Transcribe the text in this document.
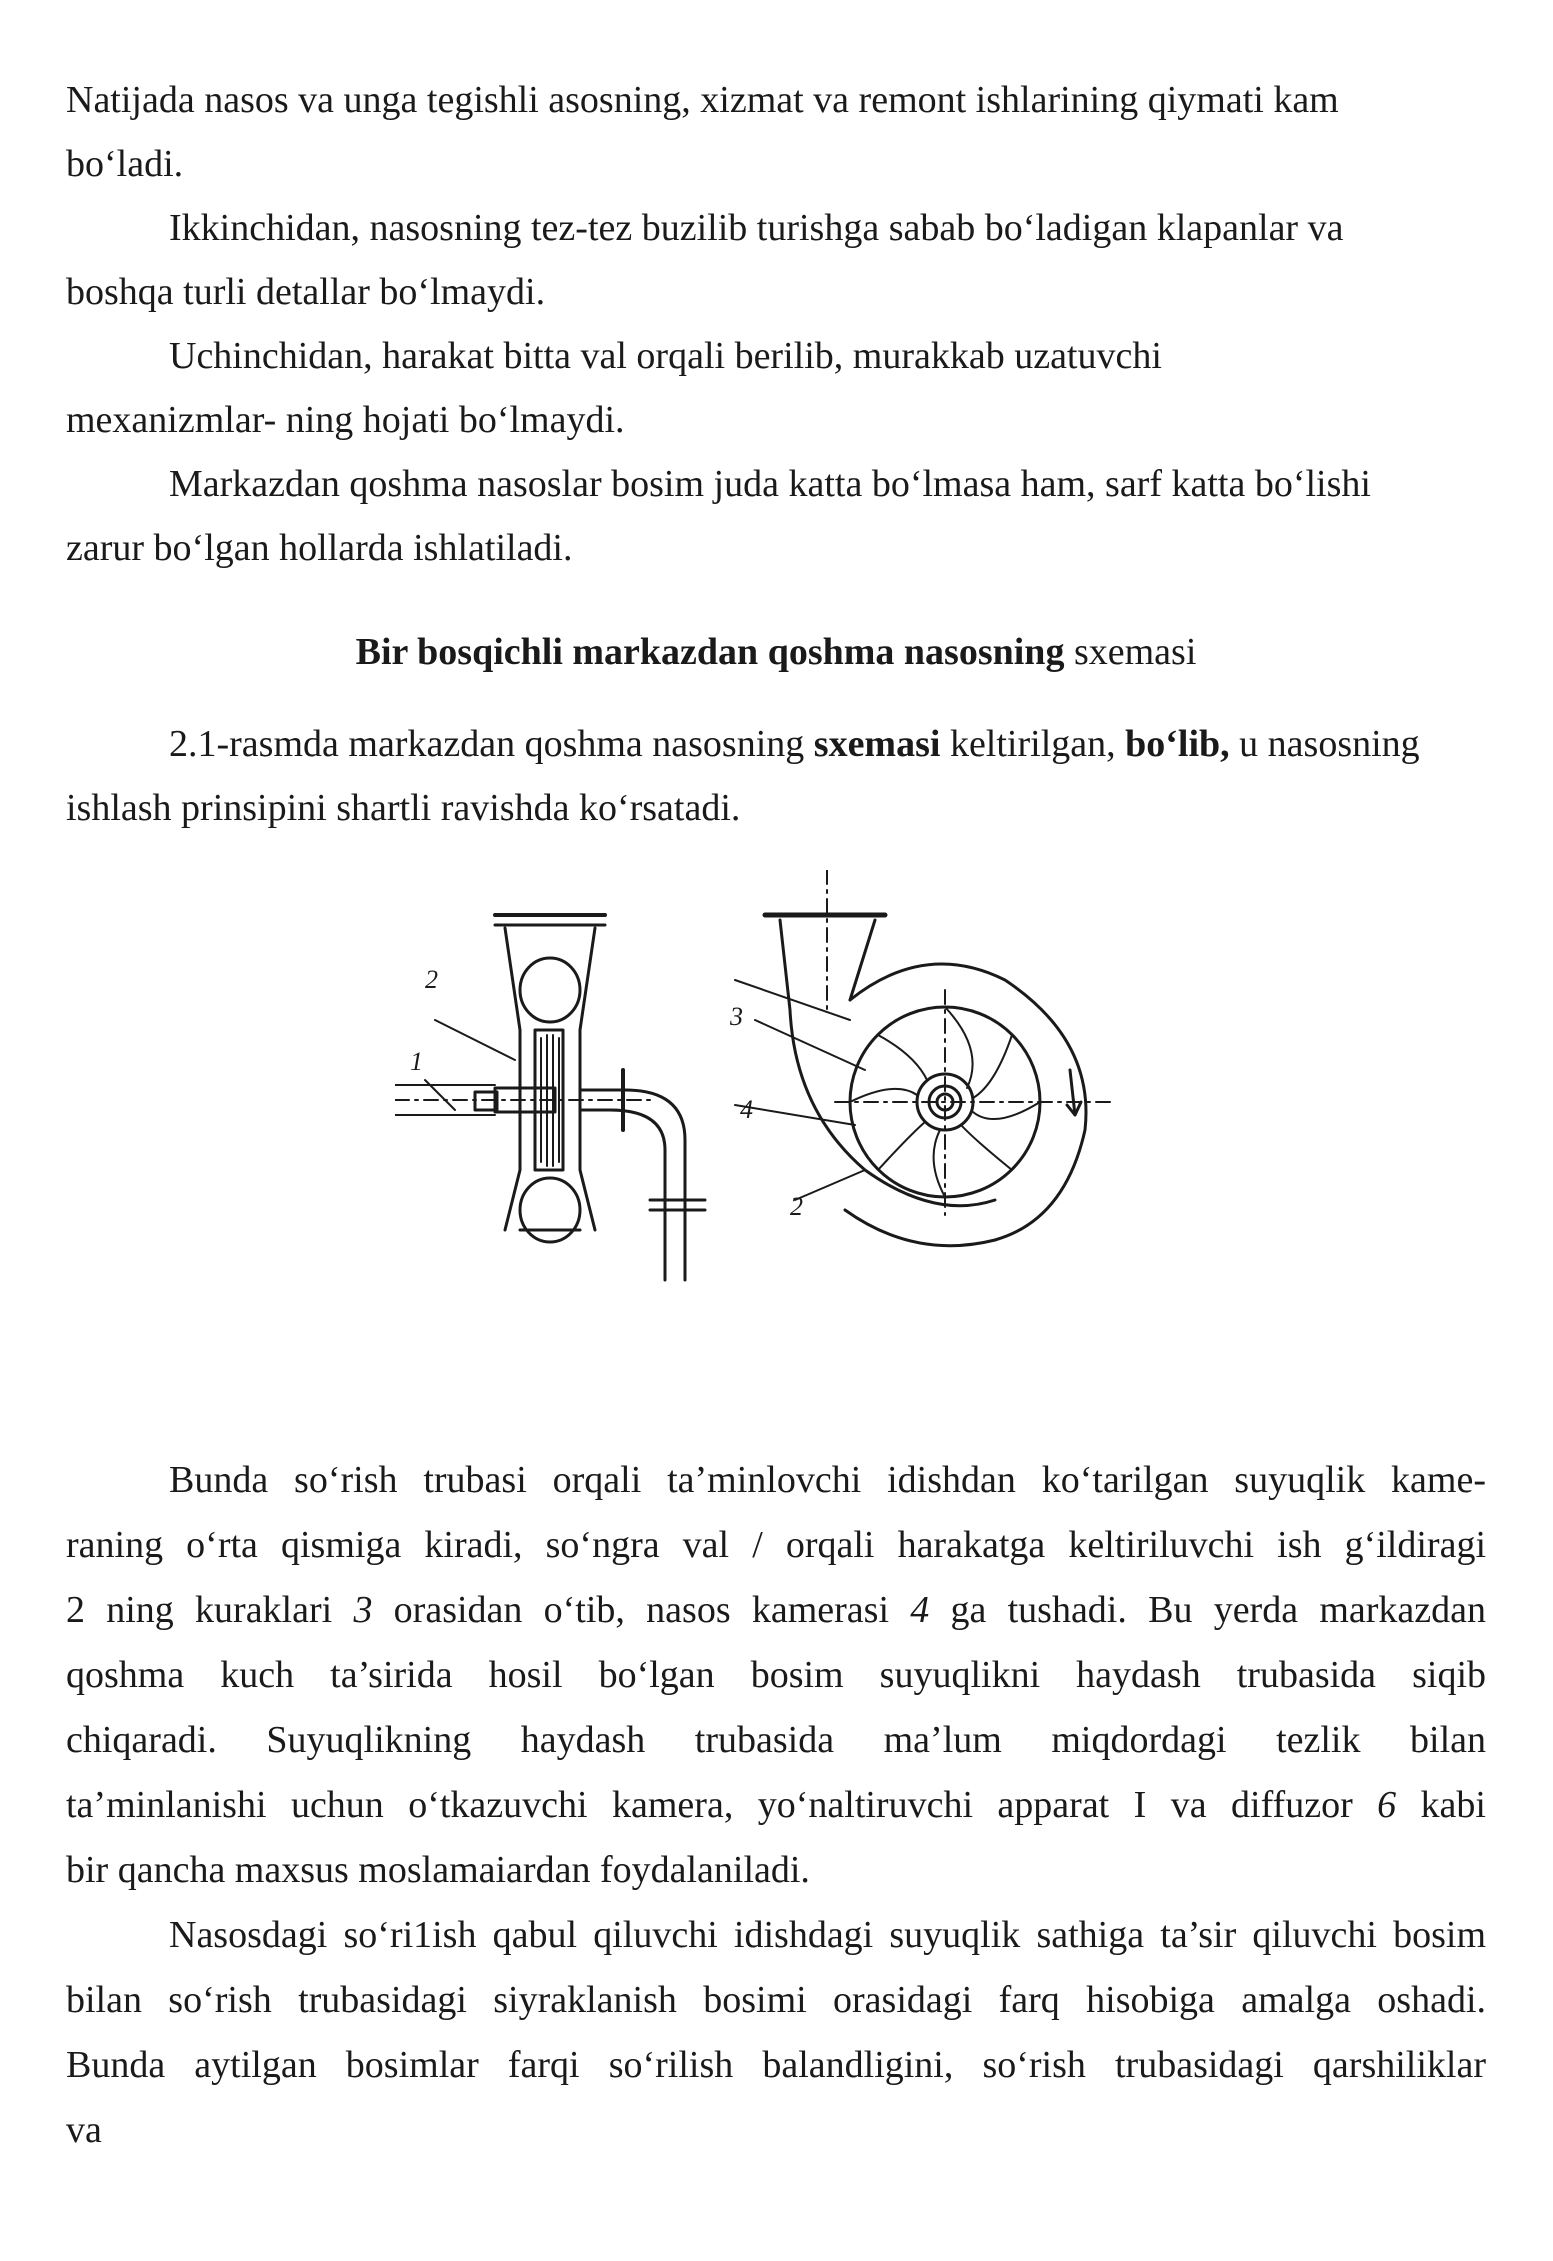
Natijada nasos va unga tegishli asosning, xizmat va remont ishlarining qiymati kam
bo‘ladi.
Ikkinchidan, nasosning tez-tez buzilib turishga sabab bo‘ladigan klapanlar va
boshqa turli detallar bo‘lmaydi.
Uchinchidan, harakat bitta val orqali berilib, murakkab uzatuvchi
mexanizmlar- ning hojati bo‘lmaydi.
Markazdan qoshma nasoslar bosim juda katta bo‘lmasa ham, sarf katta bo‘lishi
zarur bo‘lgan hollarda ishlatiladi.
Bir bosqichli markazdan qoshma nasosning sxemasi
2.1-rasmda markazdan qoshma nasosning sxemasi keltirilgan, bo‘lib, u nasosning
ishlash prinsipini shartli ravishda ko‘rsatadi.
2
1
3
4
2
Bunda so‘rish trubasi orqali ta’minlovchi idishdan ko‘tarilgan suyuqlik kame-
raning o‘rta qismiga kiradi, so‘ngra val / orqali harakatga keltiriluvchi ish g‘ildiragi
2 ning kuraklari 3 orasidan o‘tib, nasos kamerasi 4 ga tushadi. Bu yerda markazdan
qoshma kuch ta’sirida hosil bo‘lgan bosim suyuqlikni haydash trubasida siqib
chiqaradi. Suyuqlikning haydash trubasida ma’lum miqdordagi tezlik bilan
ta’minlanishi uchun o‘tkazuvchi kamera, yo‘naltiruvchi apparat I va diffuzor 6 kabi
bir qancha maxsus moslamaiardan foydalaniladi.
Nasosdagi so‘ri1ish qabul qiluvchi idishdagi suyuqlik sathiga ta’sir qiluvchi bosim
bilan so‘rish trubasidagi siyraklanish bosimi orasidagi farq hisobiga amalga oshadi.
Bunda aytilgan bosimlar farqi so‘rilish balandligini, so‘rish trubasidagi qarshiliklar
va
